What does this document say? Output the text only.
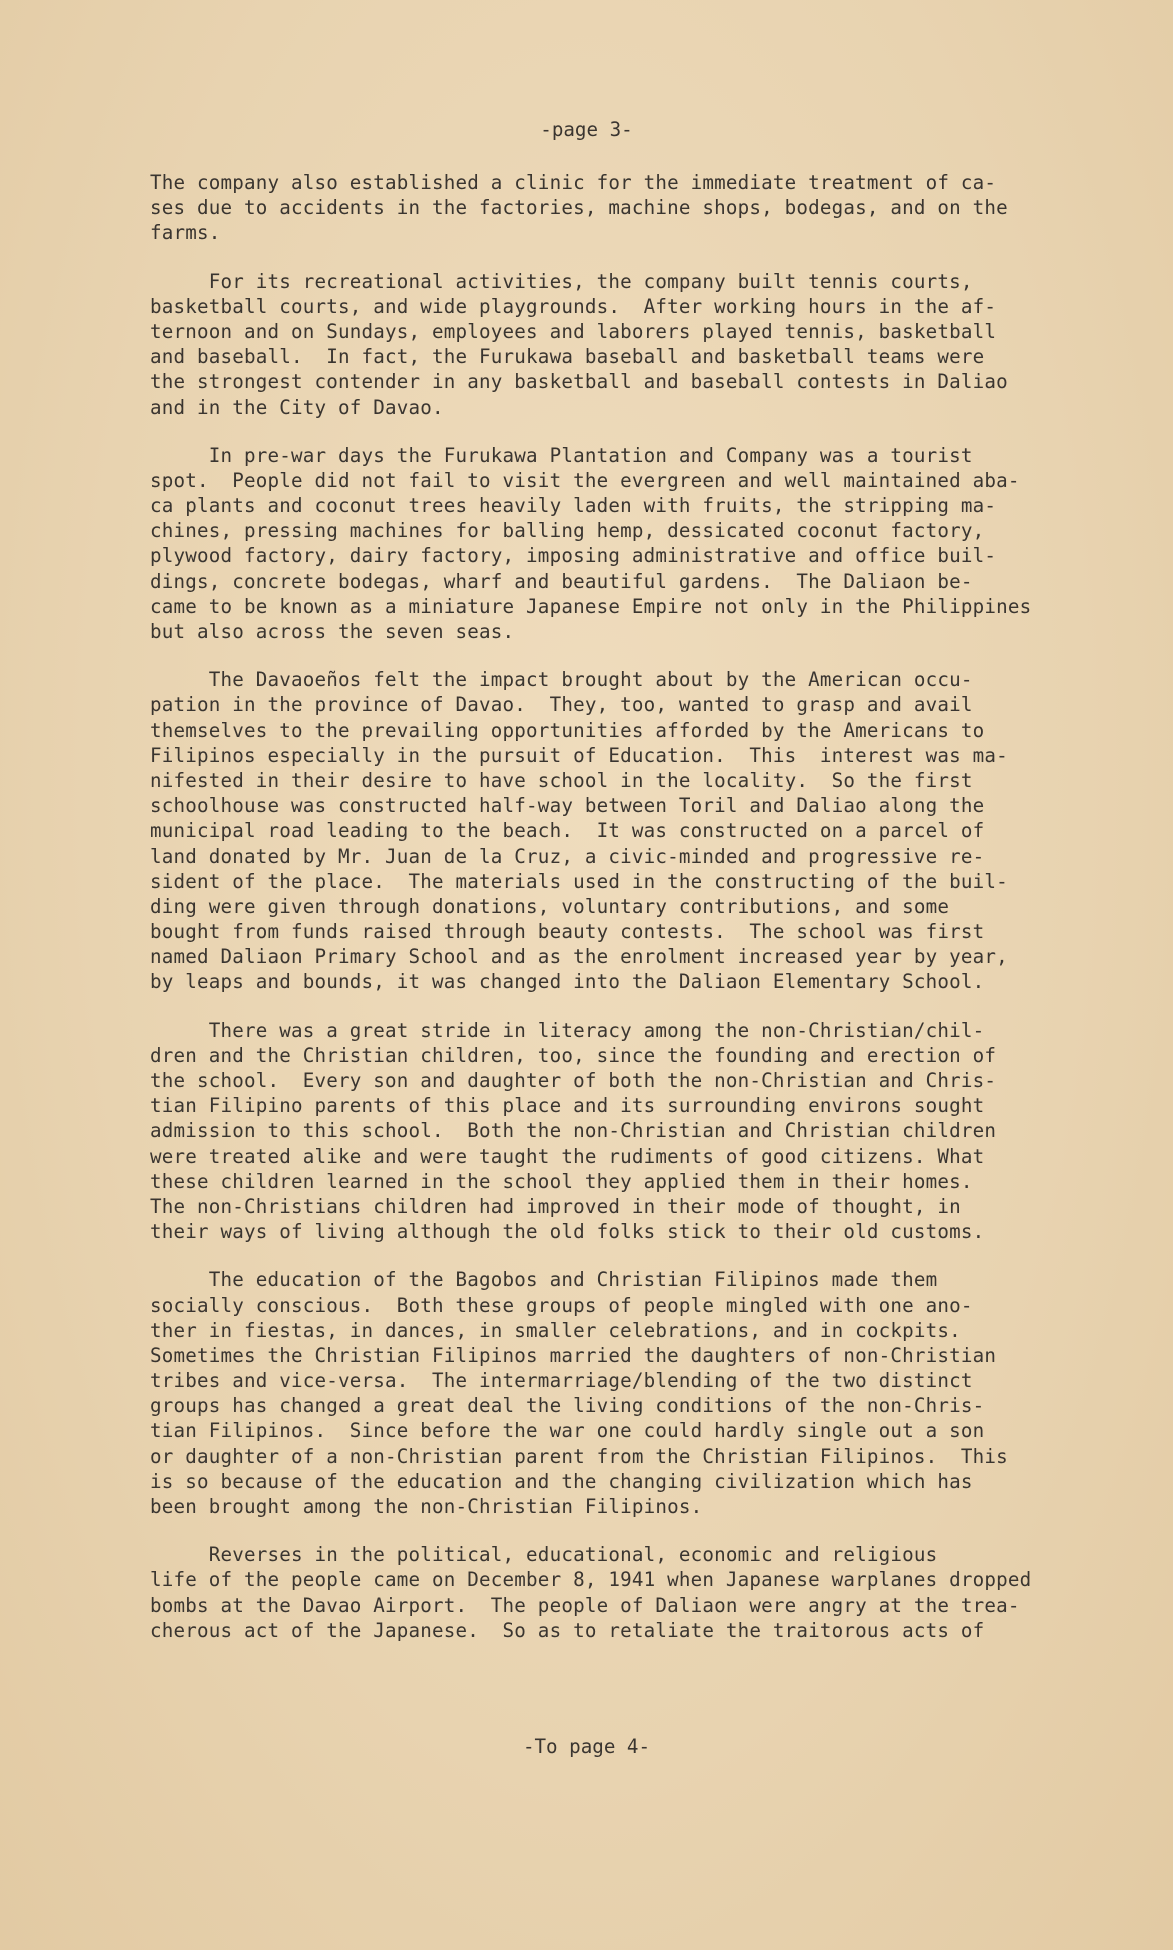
-page 3-
The company also established a clinic for the immediate treatment of ca-
ses due to accidents in the factories, machine shops, bodegas, and on the
farms.
For its recreational activities, the company built tennis courts,
basketball courts, and wide playgrounds.  After working hours in the af-
ternoon and on Sundays, employees and laborers played tennis, basketball
and baseball.  In fact, the Furukawa baseball and basketball teams were
the strongest contender in any basketball and baseball contests in Daliao
and in the City of Davao.
In pre-war days the Furukawa Plantation and Company was a tourist
spot.  People did not fail to visit the evergreen and well maintained aba-
ca plants and coconut trees heavily laden with fruits, the stripping ma-
chines, pressing machines for balling hemp, dessicated coconut factory,
plywood factory, dairy factory, imposing administrative and office buil-
dings, concrete bodegas, wharf and beautiful gardens.  The Daliaon be-
came to be known as a miniature Japanese Empire not only in the Philippines
but also across the seven seas.
The Davaoeños felt the impact brought about by the American occu-
pation in the province of Davao.  They, too, wanted to grasp and avail
themselves to the prevailing opportunities afforded by the Americans to
Filipinos especially in the pursuit of Education.  This  interest was ma-
nifested in their desire to have school in the locality.  So the first
schoolhouse was constructed half-way between Toril and Daliao along the
municipal road leading to the beach.  It was constructed on a parcel of
land donated by Mr. Juan de la Cruz, a civic-minded and progressive re-
sident of the place.  The materials used in the constructing of the buil-
ding were given through donations, voluntary contributions, and some
bought from funds raised through beauty contests.  The school was first
named Daliaon Primary School and as the enrolment increased year by year,
by leaps and bounds, it was changed into the Daliaon Elementary School.
There was a great stride in literacy among the non-Christian/chil-
dren and the Christian children, too, since the founding and erection of
the school.  Every son and daughter of both the non-Christian and Chris-
tian Filipino parents of this place and its surrounding environs sought
admission to this school.  Both the non-Christian and Christian children
were treated alike and were taught the rudiments of good citizens. What
these children learned in the school they applied them in their homes.
The non-Christians children had improved in their mode of thought, in
their ways of living although the old folks stick to their old customs.
The education of the Bagobos and Christian Filipinos made them
socially conscious.  Both these groups of people mingled with one ano-
ther in fiestas, in dances, in smaller celebrations, and in cockpits.
Sometimes the Christian Filipinos married the daughters of non-Christian
tribes and vice-versa.  The intermarriage/blending of the two distinct
groups has changed a great deal the living conditions of the non-Chris-
tian Filipinos.  Since before the war one could hardly single out a son
or daughter of a non-Christian parent from the Christian Filipinos.  This
is so because of the education and the changing civilization which has
been brought among the non-Christian Filipinos.
Reverses in the political, educational, economic and religious
life of the people came on December 8, 1941 when Japanese warplanes dropped
bombs at the Davao Airport.  The people of Daliaon were angry at the trea-
cherous act of the Japanese.  So as to retaliate the traitorous acts of
-To page 4-
